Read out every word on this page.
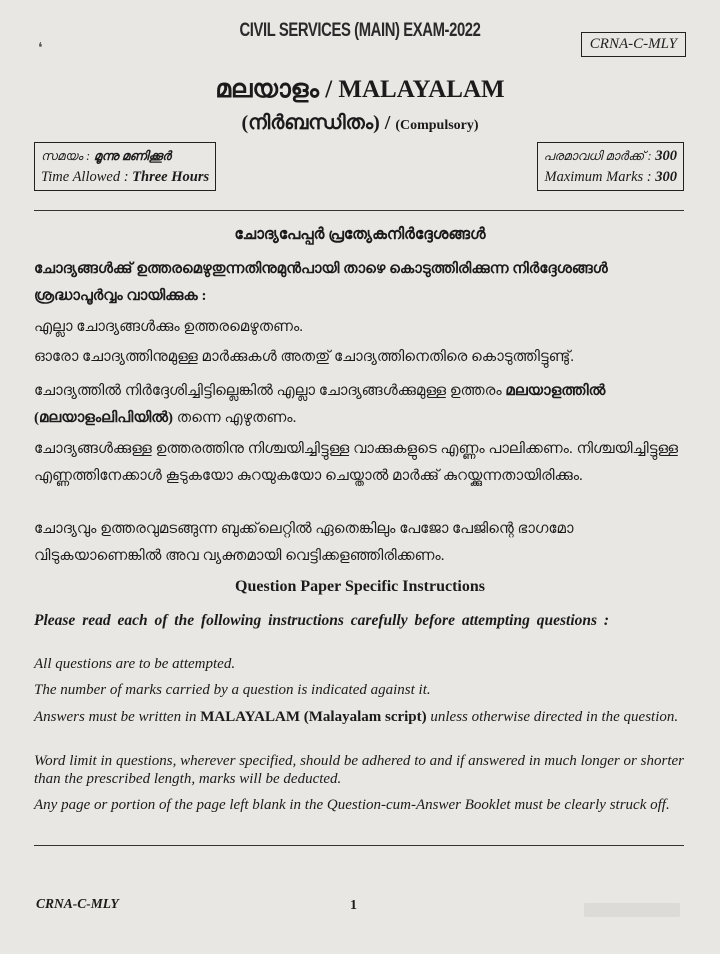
❛
CIVIL SERVICES (MAIN) EXAM-2022
CRNA-C-MLY
മലയാളം / MALAYALAM
(നിർബന്ധിതം) / (Compulsory)
സമയം : മൂന്നു മണിക്കൂർ
Time Allowed : Three Hours
പരമാവധി മാർക്ക് : 300
Maximum Marks : 300
ചോദ്യപേപ്പർ പ്രത്യേകനിർദ്ദേശങ്ങൾ
ചോദ്യങ്ങൾക്കു് ഉത്തരമെഴുതുന്നതിനുമുൻപായി താഴെ കൊടുത്തിരിക്കുന്ന നിർദ്ദേശങ്ങൾ ശ്രദ്ധാപൂർവ്വം വായിക്കുക :
എല്ലാ ചോദ്യങ്ങൾക്കും ഉത്തരമെഴുതണം.
ഓരോ ചോദ്യത്തിനുമുള്ള മാർക്കുകൾ അതതു് ചോദ്യത്തിനെതിരെ കൊടുത്തിട്ടുണ്ടു്.
ചോദ്യത്തിൽ നിർദ്ദേശിച്ചിട്ടില്ലെങ്കിൽ എല്ലാ ചോദ്യങ്ങൾക്കുമുള്ള ഉത്തരം മലയാളത്തിൽ (മലയാളംലിപിയിൽ) തന്നെ എഴുതണം.
ചോദ്യങ്ങൾക്കുള്ള ഉത്തരത്തിനു നിശ്ചയിച്ചിട്ടുള്ള വാക്കുകളുടെ എണ്ണം പാലിക്കണം. നിശ്ചയിച്ചിട്ടുള്ള എണ്ണത്തിനേക്കാൾ കൂടുകയോ കുറയുകയോ ചെയ്താൽ മാർക്കു് കുറയ്ക്കുന്നതായിരിക്കും.
ചോദ്യവും ഉത്തരവുമടങ്ങുന്ന ബുക്ക്‌ലെറ്റിൽ ഏതെങ്കിലും പേജോ പേജിന്റെ ഭാഗമോ വിടുകയാണെങ്കിൽ അവ വ്യക്തമായി വെട്ടിക്കളഞ്ഞിരിക്കണം.
Question Paper Specific Instructions
Please read each of the following instructions carefully before attempting questions :
All questions are to be attempted.
The number of marks carried by a question is indicated against it.
Answers must be written in MALAYALAM (Malayalam script) unless otherwise directed in the question.
Word limit in questions, wherever specified, should be adhered to and if answered in much longer or shorter than the prescribed length, marks will be deducted.
Any page or portion of the page left blank in the Question-cum-Answer Booklet must be clearly struck off.
CRNA-C-MLY	1
